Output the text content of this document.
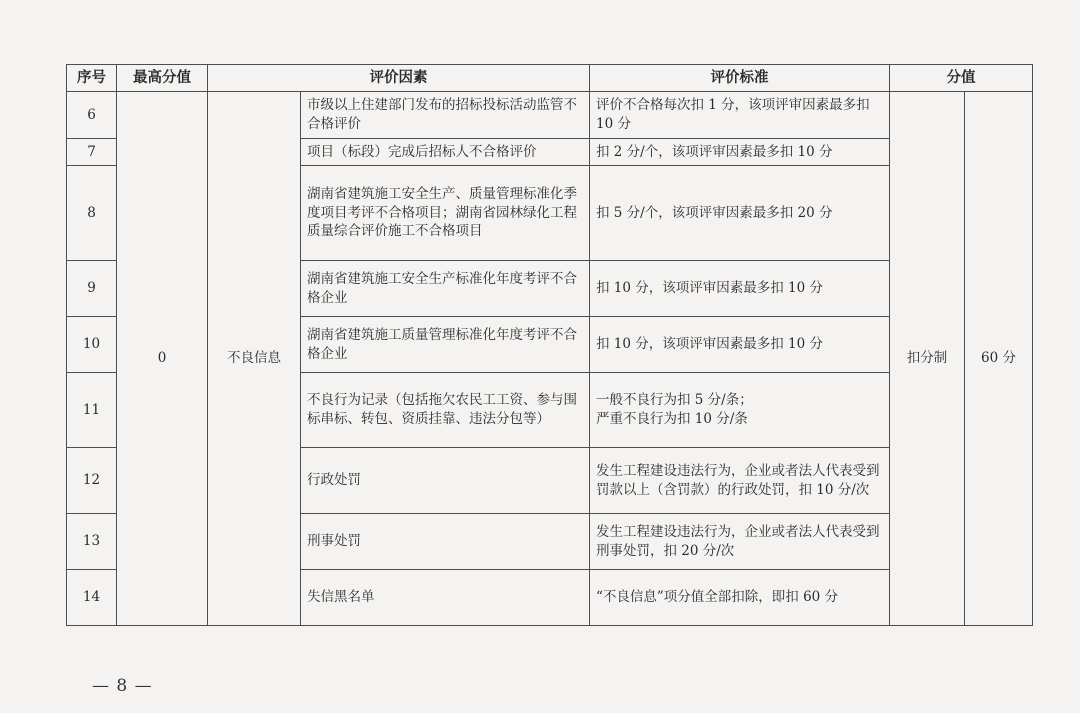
序号	最高分值	评价因素		评价标准	分值	
6	0	不良信息	市级以上住建部门发布的招标投标活动监管不合格评价	评价不合格每次扣 1 分，该项评审因素最多扣 10 分	扣分制	60 分
7			项目（标段）完成后招标人不合格评价	扣 2 分/个，该项评审因素最多扣 10 分		
8			湖南省建筑施工安全生产、质量管理标准化季度项目考评不合格项目；湖南省园林绿化工程质量综合评价施工不合格项目	扣 5 分/个，该项评审因素最多扣 20 分		
9			湖南省建筑施工安全生产标准化年度考评不合格企业	扣 10 分，该项评审因素最多扣 10 分		
10			湖南省建筑施工质量管理标准化年度考评不合格企业	扣 10 分，该项评审因素最多扣 10 分		
11			不良行为记录（包括拖欠农民工工资、参与围标串标、转包、资质挂靠、违法分包等）	一般不良行为扣 5 分/条；
严重不良行为扣 10 分/条		

12			行政处罚	发生工程建设违法行为，企业或者法人代表受到罚款以上（含罚款）的行政处罚，扣 10 分/次		
13			刑事处罚	发生工程建设违法行为，企业或者法人代表受到刑事处罚，扣 20 分/次		
14			失信黑名单	“不良信息”项分值全部扣除，即扣 60 分		
— 8 —
